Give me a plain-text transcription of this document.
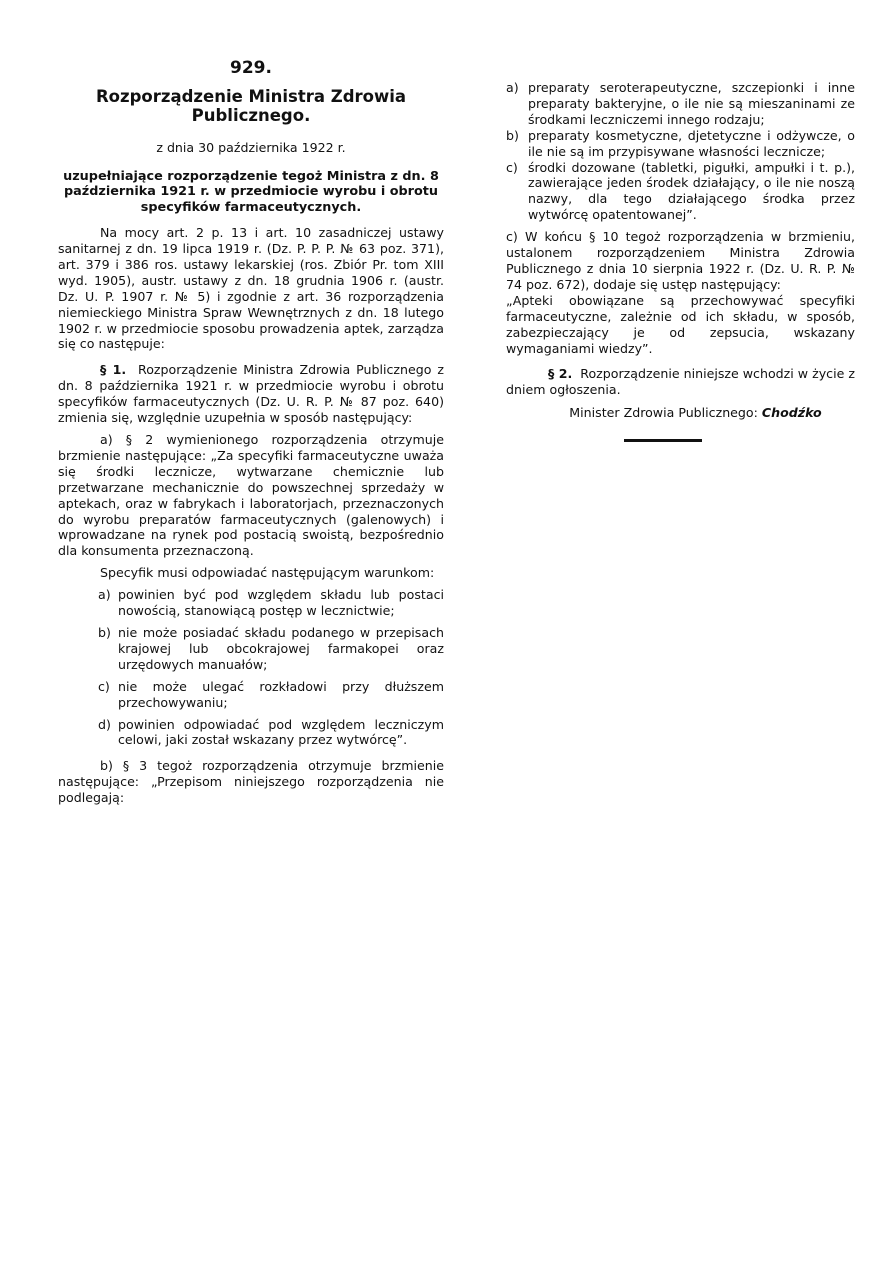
929.
Rozporządzenie Ministra Zdrowia Publicznego.
z dnia 30 października 1922 r.
uzupełniające rozporządzenie tegoż Ministra z dn. 8 października 1921 r. w przedmiocie wyrobu i obrotu specyfików farmaceutycznych.

Na mocy art. 2 p. 13 i art. 10 zasadniczej ustawy sanitarnej z dn. 19 lipca 1919 r. (Dz. P. P. P. № 63 poz. 371), art. 379 i 386 ros. ustawy lekarskiej (ros. Zbiór Pr. tom XIII wyd. 1905), austr. ustawy z dn. 18 grudnia 1906 r. (austr. Dz. U. P. 1907 r. № 5) i zgodnie z art. 36 rozporządzenia niemieckiego Ministra Spraw Wewnętrznych z dn. 18 lutego 1902 r. w przedmiocie sposobu prowadzenia aptek, zarządza się co następuje:

§ 1. Rozporządzenie Ministra Zdrowia Publicznego z dn. 8 października 1921 r. w przedmiocie wyrobu i obrotu specyfików farmaceutycznych (Dz. U. R. P. № 87 poz. 640) zmienia się, względnie uzupełnia w sposób następujący:

a) § 2 wymienionego rozporządzenia otrzymuje brzmienie następujące: „Za specyfiki farmaceutyczne uważa się środki lecznicze, wytwarzane chemicznie lub przetwarzane mechanicznie do powszechnej sprzedaży w aptekach, oraz w fabrykach i laboratorjach, przeznaczonych do wyrobu preparatów farmaceutycznych (galenowych) i wprowadzane na rynek pod postacią swoistą, bezpośrednio dla konsumenta przeznaczoną.

Specyfik musi odpowiadać następującym warunkom:

a) powinien być pod względem składu lub postaci nowością, stanowiącą postęp w lecznictwie;
b) nie może posiadać składu podanego w przepisach krajowej lub obcokrajowej farmakopei oraz urzędowych manuałów;
c) nie może ulegać rozkładowi przy dłuższem przechowywaniu;
d) powinien odpowiadać pod względem leczniczym celowi, jaki został wskazany przez wytwórcę”.

b) § 3 tegoż rozporządzenia otrzymuje brzmienie następujące: „Przepisom niniejszego rozporządzenia nie podlegają:

a) preparaty seroterapeutyczne, szczepionki i inne preparaty bakteryjne, o ile nie są mieszaninami ze środkami leczniczemi innego rodzaju;
b) preparaty kosmetyczne, djetetyczne i odżywcze, o ile nie są im przypisywane własności lecznicze;
c) środki dozowane (tabletki, pigułki, ampułki i t. p.), zawierające jeden środek działający, o ile nie noszą nazwy, dla tego działającego środka przez wytwórcę opatentowanej”.

c) W końcu § 10 tegoż rozporządzenia w brzmieniu, ustalonem rozporządzeniem Ministra Zdrowia Publicznego z dnia 10 sierpnia 1922 r. (Dz. U. R. P. № 74 poz. 672), dodaje się ustęp następujący:

„Apteki obowiązane są przechowywać specyfiki farmaceutyczne, zależnie od ich składu, w sposób, zabezpieczający je od zepsucia, wskazany wymaganiami wiedzy”.

§ 2. Rozporządzenie niniejsze wchodzi w życie z dniem ogłoszenia.

Minister Zdrowia Publicznego: Chodźko
